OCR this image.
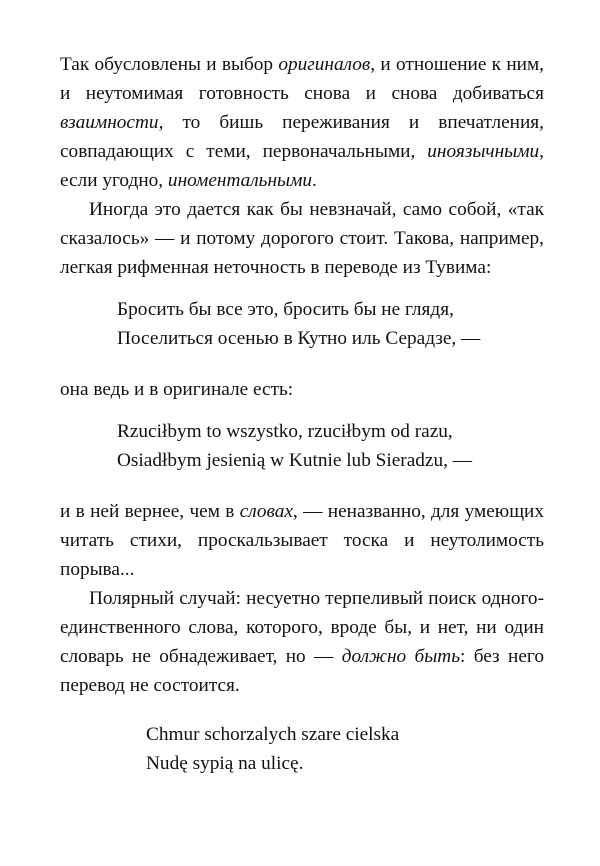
Так обусловлены и выбор оригиналов, и отношение к ним, и неутомимая готовность снова и снова добиваться взаимности, то бишь переживания и впечатления, совпадающих с теми, первоначальными, иноязычными, если угодно, иноментальными.

Иногда это дается как бы невзначай, само собой, «так сказалось» — и потому дорогого стоит. Такова, например, легкая рифменная неточность в переводе из Тувима:

Бросить бы все это, бросить бы не глядя,
Поселиться осенью в Кутно иль Серадзе, —

она ведь и в оригинале есть:

Rzuciłbym to wszystko, rzuciłbym od razu,
Osiadłbym jesienią w Kutnie lub Sieradzu, —

и в ней вернее, чем в словах, — неназванно, для умеющих читать стихи, проскальзывает тоска и неутолимость порыва...

Полярный случай: несуетно терпеливый поиск одного-единственного слова, которого, вроде бы, и нет, ни один словарь не обнадеживает, но — должно быть: без него перевод не состоится.

Chmur schorzalych szare cielska
Nudę sypią na ulicę.
